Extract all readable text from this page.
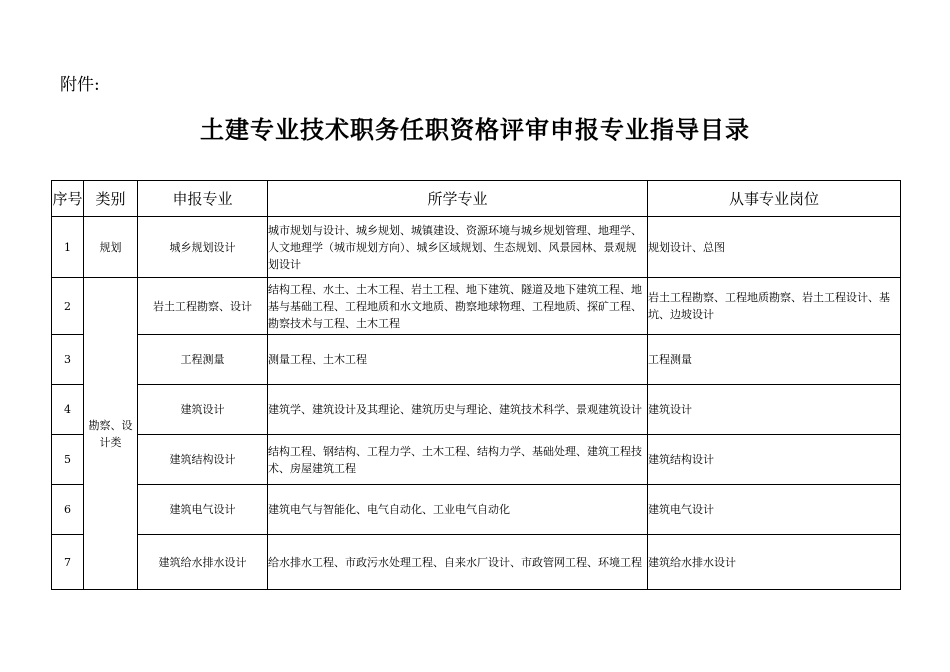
附件:

土建专业技术职务任职资格评审申报专业指导目录
序号	类别	申报专业	所学专业	从事专业岗位
1	规划	城乡规划设计	城市规划与设计、城乡规划、城镇建设、资源环境与城乡规划管理、地理学、人文地理学（城市规划方向）、城乡区域规划、生态规划、风景园林、景观规划设计	规划设计、总图
2	勘察、设计类	岩土工程勘察、设计	结构工程、水土、土木工程、岩土工程、地下建筑、隧道及地下建筑工程、地基与基础工程、工程地质和水文地质、勘察地球物理、工程地质、探矿工程、勘察技术与工程、土木工程	岩土工程勘察、工程地质勘察、岩土工程设计、基坑、边坡设计
3		工程测量	测量工程、土木工程	工程测量
4		建筑设计	建筑学、建筑设计及其理论、建筑历史与理论、建筑技术科学、景观建筑设计	建筑设计
5		建筑结构设计	结构工程、钢结构、工程力学、土木工程、结构力学、基础处理、建筑工程技术、房屋建筑工程	建筑结构设计
6		建筑电气设计	建筑电气与智能化、电气自动化、工业电气自动化	建筑电气设计
7		建筑给水排水设计	给水排水工程、市政污水处理工程、自来水厂设计、市政管网工程、环境工程	建筑给水排水设计
